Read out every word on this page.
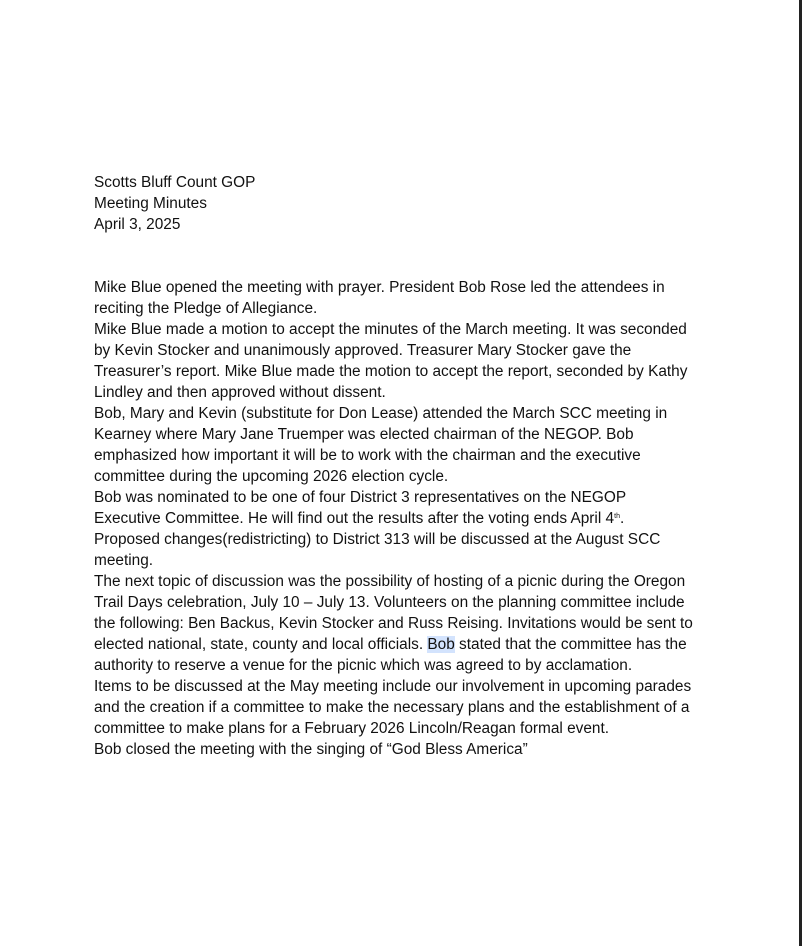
Scotts Bluff Count GOP
Meeting Minutes
April 3, 2025
Mike Blue opened the meeting with prayer. President Bob Rose led the attendees in
reciting the Pledge of Allegiance.
Mike Blue made a motion to accept the minutes of the March meeting. It was seconded
by Kevin Stocker and unanimously approved. Treasurer Mary Stocker gave the
Treasurer’s report. Mike Blue made the motion to accept the report, seconded by Kathy
Lindley and then approved without dissent.
Bob, Mary and Kevin (substitute for Don Lease) attended the March SCC meeting in
Kearney where Mary Jane Truemper was elected chairman of the NEGOP. Bob
emphasized how important it will be to work with the chairman and the executive
committee during the upcoming 2026 election cycle.
Bob was nominated to be one of four District 3 representatives on the NEGOP
Executive Committee. He will find out the results after the voting ends April 4th.
Proposed changes(redistricting) to District 313 will be discussed at the August SCC
meeting.
The next topic of discussion was the possibility of hosting of a picnic during the Oregon
Trail Days celebration, July 10 – July 13. Volunteers on the planning committee include
the following: Ben Backus, Kevin Stocker and Russ Reising. Invitations would be sent to
elected national, state, county and local officials. Bob stated that the committee has the
authority to reserve a venue for the picnic which was agreed to by acclamation.
Items to be discussed at the May meeting include our involvement in upcoming parades
and the creation if a committee to make the necessary plans and the establishment of a
committee to make plans for a February 2026 Lincoln/Reagan formal event.
Bob closed the meeting with the singing of “God Bless America”
